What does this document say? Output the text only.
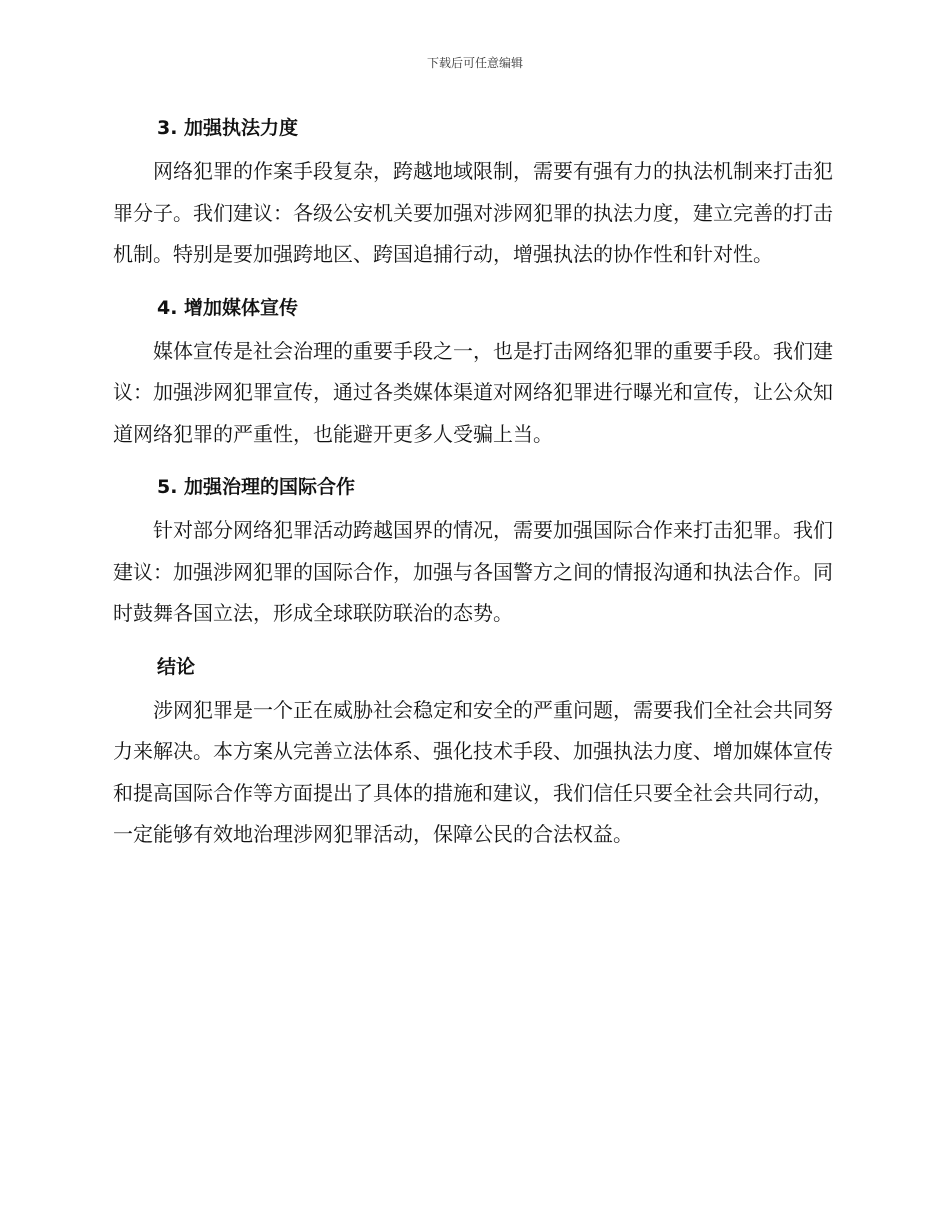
下载后可任意编辑
3. 加强执法力度

网络犯罪的作案手段复杂，跨越地域限制，需要有强有力的执法机制来打击犯罪分子。我们建议：各级公安机关要加强对涉网犯罪的执法力度，建立完善的打击机制。特别是要加强跨地区、跨国追捕行动，增强执法的协作性和针对性。

4. 增加媒体宣传

媒体宣传是社会治理的重要手段之一，也是打击网络犯罪的重要手段。我们建议：加强涉网犯罪宣传，通过各类媒体渠道对网络犯罪进行曝光和宣传，让公众知道网络犯罪的严重性，也能避开更多人受骗上当。

5. 加强治理的国际合作

针对部分网络犯罪活动跨越国界的情况，需要加强国际合作来打击犯罪。我们建议：加强涉网犯罪的国际合作，加强与各国警方之间的情报沟通和执法合作。同时鼓舞各国立法，形成全球联防联治的态势。

结论

涉网犯罪是一个正在威胁社会稳定和安全的严重问题，需要我们全社会共同努力来解决。本方案从完善立法体系、强化技术手段、加强执法力度、增加媒体宣传和提高国际合作等方面提出了具体的措施和建议，我们信任只要全社会共同行动，一定能够有效地治理涉网犯罪活动，保障公民的合法权益。
